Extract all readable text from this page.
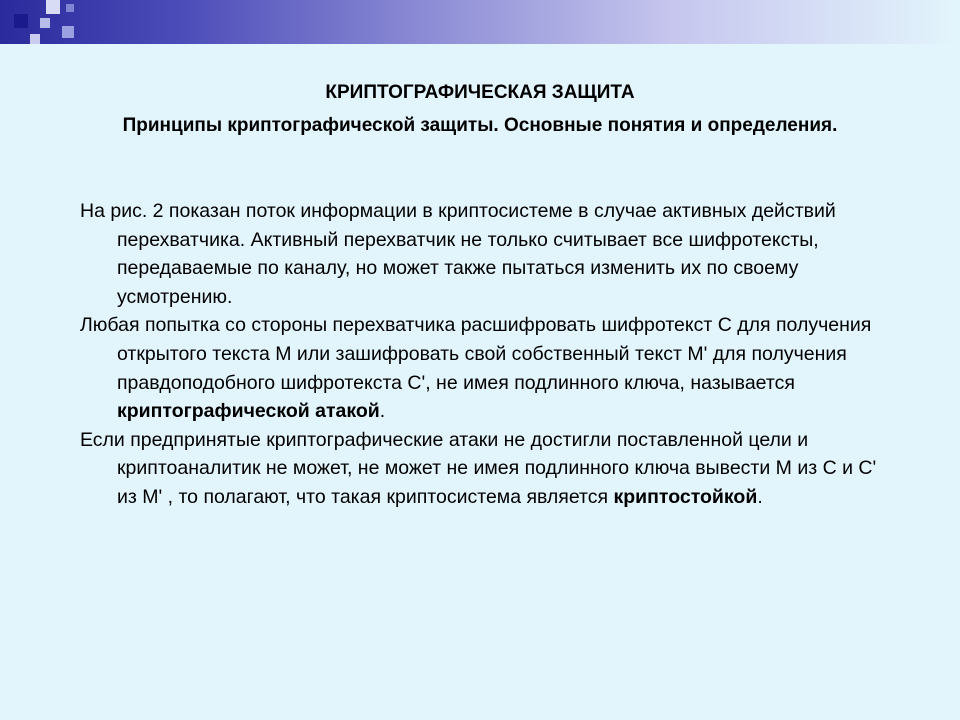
КРИПТОГРАФИЧЕСКАЯ ЗАЩИТА
Принципы криптографической защиты. Основные понятия и определения.

На рис. 2 показан поток информации в криптосистеме в случае активных действий перехватчика. Активный перехватчик не только считывает все шифротексты, передаваемые по каналу, но может также пытаться изменить их по своему усмотрению.

Любая попытка со стороны перехватчика расшифровать шифротекст С для получения открытого текста М или зашифровать свой собственный текст М' для получения правдоподобного шифротекста С', не имея подлинного ключа, называется криптографической атакой.

Если предпринятые криптографические атаки не достигли поставленной цели и криптоаналитик не может, не может не имея подлинного ключа вывести М из С и С' из М' , то полагают, что такая криптосистема является криптостойкой.
